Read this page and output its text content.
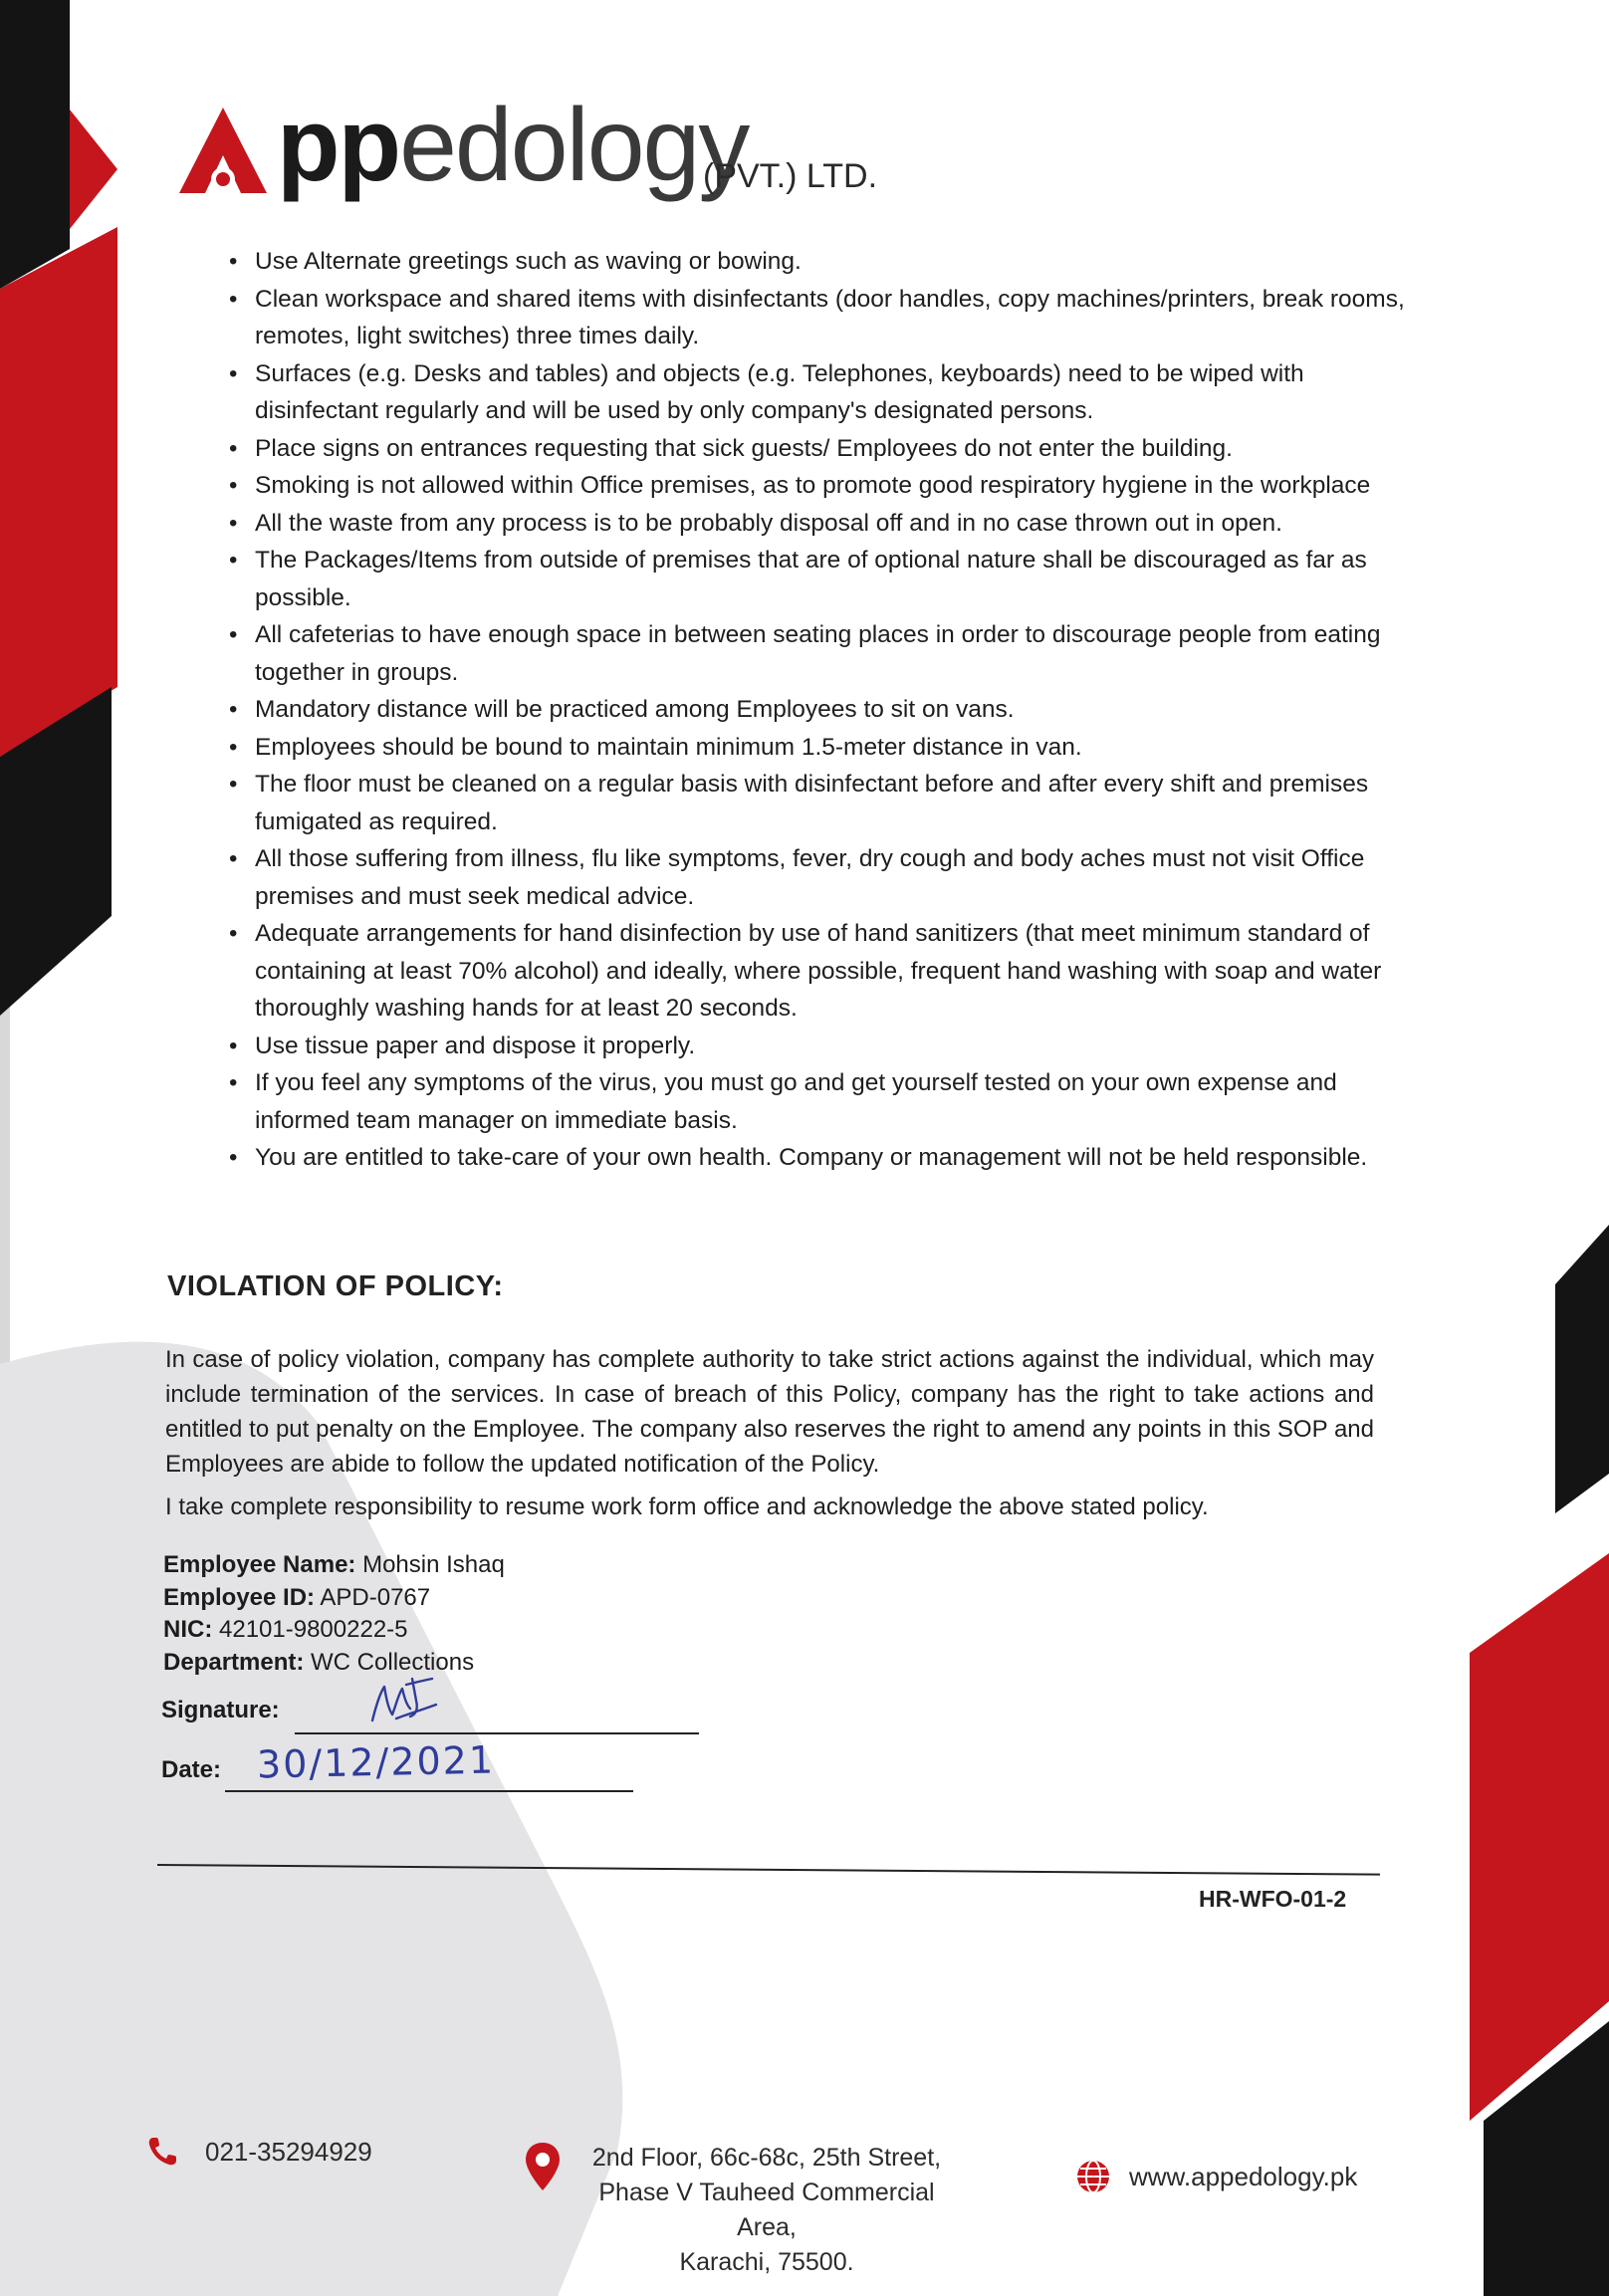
ppedology
(PVT.) LTD.
• Use Alternate greetings such as waving or bowing.
• Clean workspace and shared items with disinfectants (door handles, copy machines/printers, break rooms, remotes, light switches) three times daily.
• Surfaces (e.g. Desks and tables) and objects (e.g. Telephones, keyboards) need to be wiped with disinfectant regularly and will be used by only company's designated persons.
• Place signs on entrances requesting that sick guests/ Employees do not enter the building.
• Smoking is not allowed within Office premises, as to promote good respiratory hygiene in the workplace
• All the waste from any process is to be probably disposal off and in no case thrown out in open.
• The Packages/Items from outside of premises that are of optional nature shall be discouraged as far as possible.
• All cafeterias to have enough space in between seating places in order to discourage people from eating together in groups.
• Mandatory distance will be practiced among Employees to sit on vans.
• Employees should be bound to maintain minimum 1.5-meter distance in van.
• The floor must be cleaned on a regular basis with disinfectant before and after every shift and premises fumigated as required.
• All those suffering from illness, flu like symptoms, fever, dry cough and body aches must not visit Office premises and must seek medical advice.
• Adequate arrangements for hand disinfection by use of hand sanitizers (that meet minimum standard of containing at least 70% alcohol) and ideally, where possible, frequent hand washing with soap and water thoroughly washing hands for at least 20 seconds.
• Use tissue paper and dispose it properly.
• If you feel any symptoms of the virus, you must go and get yourself tested on your own expense and informed team manager on immediate basis.
• You are entitled to take-care of your own health. Company or management will not be held responsible.
VIOLATION OF POLICY:

In case of policy violation, company has complete authority to take strict actions against the individual, which may include termination of the services. In case of breach of this Policy, company has the right to take actions and entitled to put penalty on the Employee. The company also reserves the right to amend any points in this SOP and Employees are abide to follow the updated notification of the Policy.

I take complete responsibility to resume work form office and acknowledge the above stated policy.

Employee Name: Mohsin Ishaq
Employee ID: APD-0767
NIC: 42101-9800222-5
Department: WC Collections
Signature:
Date: 30/12/2021
HR-WFO-01-2
021-35294929	2nd Floor, 66c-68c, 25th Street,
Phase V Tauheed Commercial Area,
Karachi, 75500.
www.appedology.pk
